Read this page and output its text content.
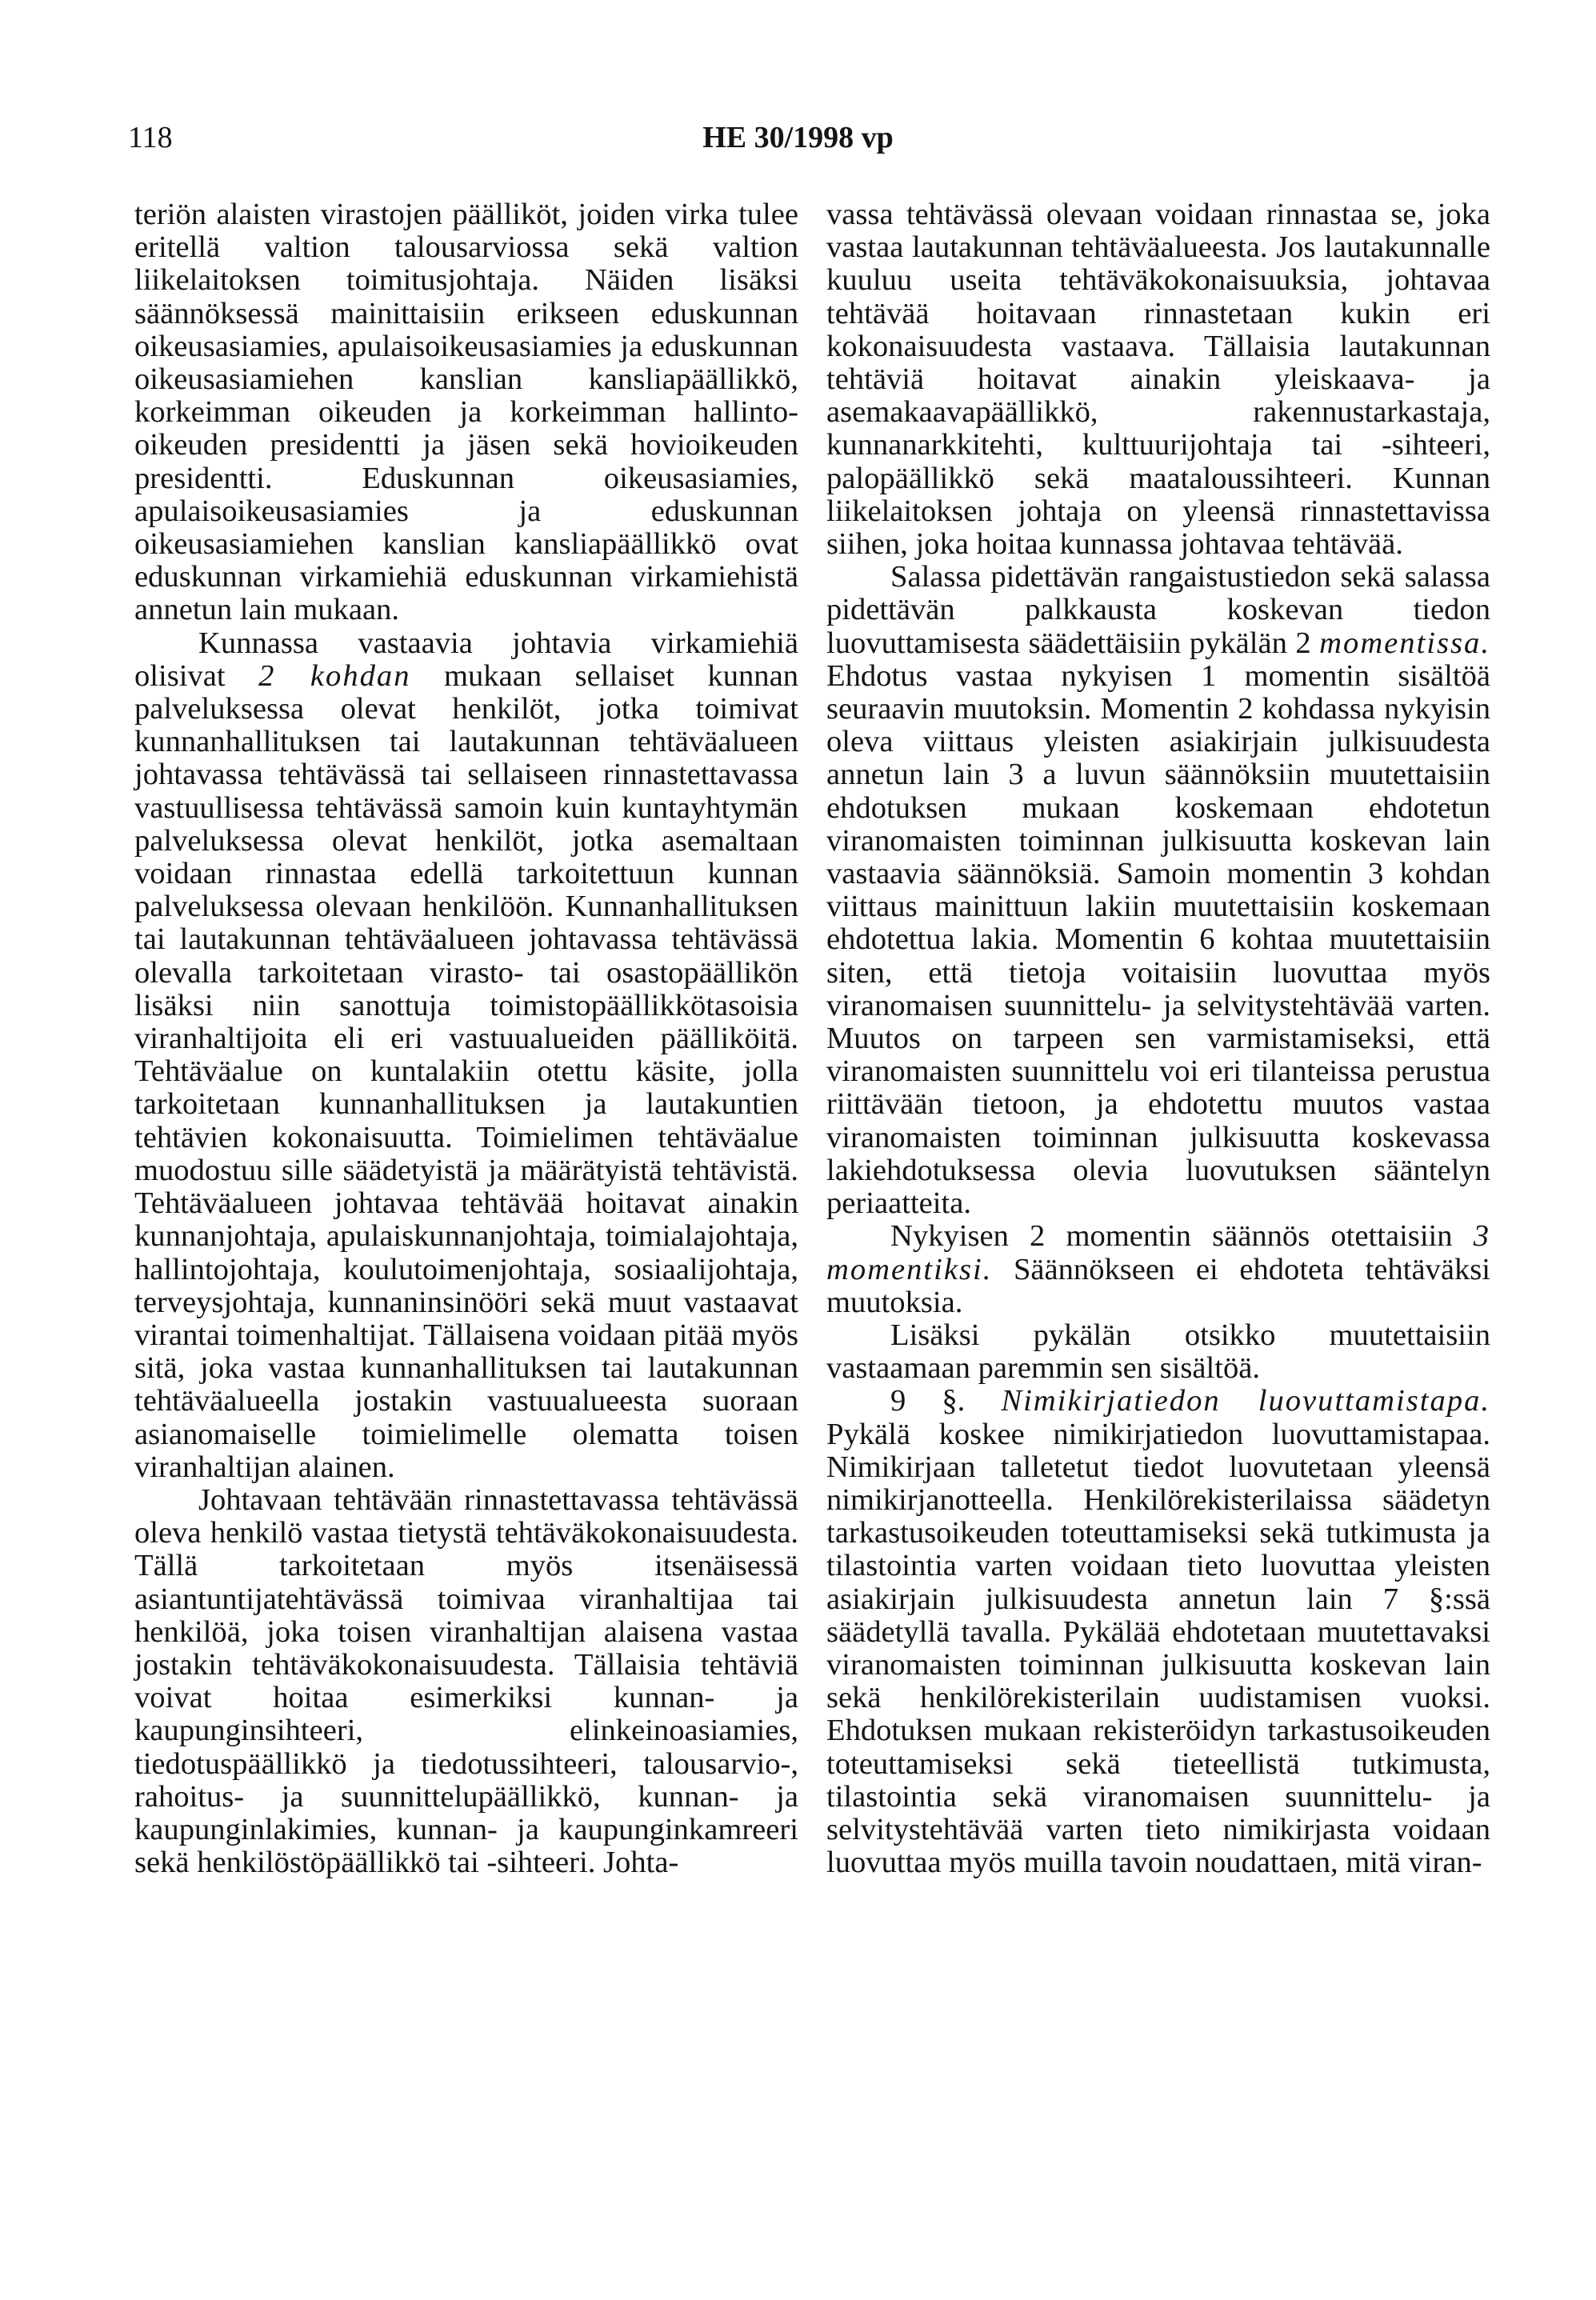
118	HE 30/1998 vp

teriön alaisten virastojen päälliköt, joiden virka tulee eritellä valtion talousarviossa sekä valtion liikelaitoksen toimitusjohtaja. Näiden lisäksi säännöksessä mainittaisiin erikseen eduskunnan oikeusasiamies, apulaisoikeusasiamies ja eduskunnan oikeusasiamiehen kanslian kansliapäällikkö, korkeimman oikeuden ja korkeimman hallinto-oikeuden presidentti ja jäsen sekä hovioikeuden presidentti. Eduskunnan oikeusasiamies, apulaisoikeusasiamies ja eduskunnan oikeusasiamiehen kanslian kansliapäällikkö ovat eduskunnan virkamiehiä eduskunnan virkamiehistä annetun lain mukaan.

Kunnassa vastaavia johtavia virkamiehiä olisivat 2 kohdan mukaan sellaiset kunnan palveluksessa olevat henkilöt, jotka toimivat kunnanhallituksen tai lautakunnan tehtäväalueen johtavassa tehtävässä tai sellaiseen rinnastettavassa vastuullisessa tehtävässä samoin kuin kuntayhtymän palveluksessa olevat henkilöt, jotka asemaltaan voidaan rinnastaa edellä tarkoitettuun kunnan palveluksessa olevaan henkilöön. Kunnanhallituksen tai lautakunnan tehtäväalueen johtavassa tehtävässä olevalla tarkoitetaan virasto- tai osastopäällikön lisäksi niin sanottuja toimistopäällikkötasoisia viranhaltijoita eli eri vastuualueiden päälliköitä. Tehtäväalue on kuntalakiin otettu käsite, jolla tarkoitetaan kunnanhallituksen ja lautakuntien tehtävien kokonaisuutta. Toimielimen tehtäväalue muodostuu sille säädetyistä ja määrätyistä tehtävistä. Tehtäväalueen johtavaa tehtävää hoitavat ainakin kunnanjohtaja, apulaiskunnanjohtaja, toimialajohtaja, hallintojohtaja, koulutoimenjohtaja, sosiaalijohtaja, terveysjohtaja, kunnaninsinööri sekä muut vastaavat virantai toimenhaltijat. Tällaisena voidaan pitää myös sitä, joka vastaa kunnanhallituksen tai lautakunnan tehtäväalueella jostakin vastuualueesta suoraan asianomaiselle toimielimelle olematta toisen viranhaltijan alainen.

Johtavaan tehtävään rinnastettavassa tehtävässä oleva henkilö vastaa tietystä tehtäväkokonaisuudesta. Tällä tarkoitetaan myös itsenäisessä asiantuntijatehtävässä toimivaa viranhaltijaa tai henkilöä, joka toisen viranhaltijan alaisena vastaa jostakin tehtäväkokonaisuudesta. Tällaisia tehtäviä voivat hoitaa esimerkiksi kunnan- ja kaupunginsihteeri, elinkeinoasiamies, tiedotuspäällikkö ja tiedotussihteeri, talousarvio-, rahoitus- ja suunnittelupäällikkö, kunnan- ja kaupunginlakimies, kunnan- ja kaupunginkamreeri sekä henkilöstöpäällikkö tai -sihteeri. Johta-

vassa tehtävässä olevaan voidaan rinnastaa se, joka vastaa lautakunnan tehtäväalueesta. Jos lautakunnalle kuuluu useita tehtäväkokonaisuuksia, johtavaa tehtävää hoitavaan rinnastetaan kukin eri kokonaisuudesta vastaava. Tällaisia lautakunnan tehtäviä hoitavat ainakin yleiskaava- ja asemakaavapäällikkö, rakennustarkastaja, kunnanarkkitehti, kulttuurijohtaja tai -sihteeri, palopäällikkö sekä maataloussihteeri. Kunnan liikelaitoksen johtaja on yleensä rinnastettavissa siihen, joka hoitaa kunnassa johtavaa tehtävää.

Salassa pidettävän rangaistustiedon sekä salassa pidettävän palkkausta koskevan tiedon luovuttamisesta säädettäisiin pykälän 2 momentissa. Ehdotus vastaa nykyisen 1 momentin sisältöä seuraavin muutoksin. Momentin 2 kohdassa nykyisin oleva viittaus yleisten asiakirjain julkisuudesta annetun lain 3 a luvun säännöksiin muutettaisiin ehdotuksen mukaan koskemaan ehdotetun viranomaisten toiminnan julkisuutta koskevan lain vastaavia säännöksiä. Samoin momentin 3 kohdan viittaus mainittuun lakiin muutettaisiin koskemaan ehdotettua lakia. Momentin 6 kohtaa muutettaisiin siten, että tietoja voitaisiin luovuttaa myös viranomaisen suunnittelu- ja selvitystehtävää varten. Muutos on tarpeen sen varmistamiseksi, että viranomaisten suunnittelu voi eri tilanteissa perustua riittävään tietoon, ja ehdotettu muutos vastaa viranomaisten toiminnan julkisuutta koskevassa lakiehdotuksessa olevia luovutuksen sääntelyn periaatteita.

Nykyisen 2 momentin säännös otettaisiin 3 momentiksi. Säännökseen ei ehdoteta tehtäväksi muutoksia.

Lisäksi pykälän otsikko muutettaisiin vastaamaan paremmin sen sisältöä.

9 §. Nimikirjatiedon luovuttamistapa. Pykälä koskee nimikirjatiedon luovuttamistapaa. Nimikirjaan talletetut tiedot luovutetaan yleensä nimikirjanotteella. Henkilörekisterilaissa säädetyn tarkastusoikeuden toteuttamiseksi sekä tutkimusta ja tilastointia varten voidaan tieto luovuttaa yleisten asiakirjain julkisuudesta annetun lain 7 §:ssä säädetyllä tavalla. Pykälää ehdotetaan muutettavaksi viranomaisten toiminnan julkisuutta koskevan lain sekä henkilörekisterilain uudistamisen vuoksi. Ehdotuksen mukaan rekisteröidyn tarkastusoikeuden toteuttamiseksi sekä tieteellistä tutkimusta, tilastointia sekä viranomaisen suunnittelu- ja selvitystehtävää varten tieto nimikirjasta voidaan luovuttaa myös muilla tavoin noudattaen, mitä viran-
